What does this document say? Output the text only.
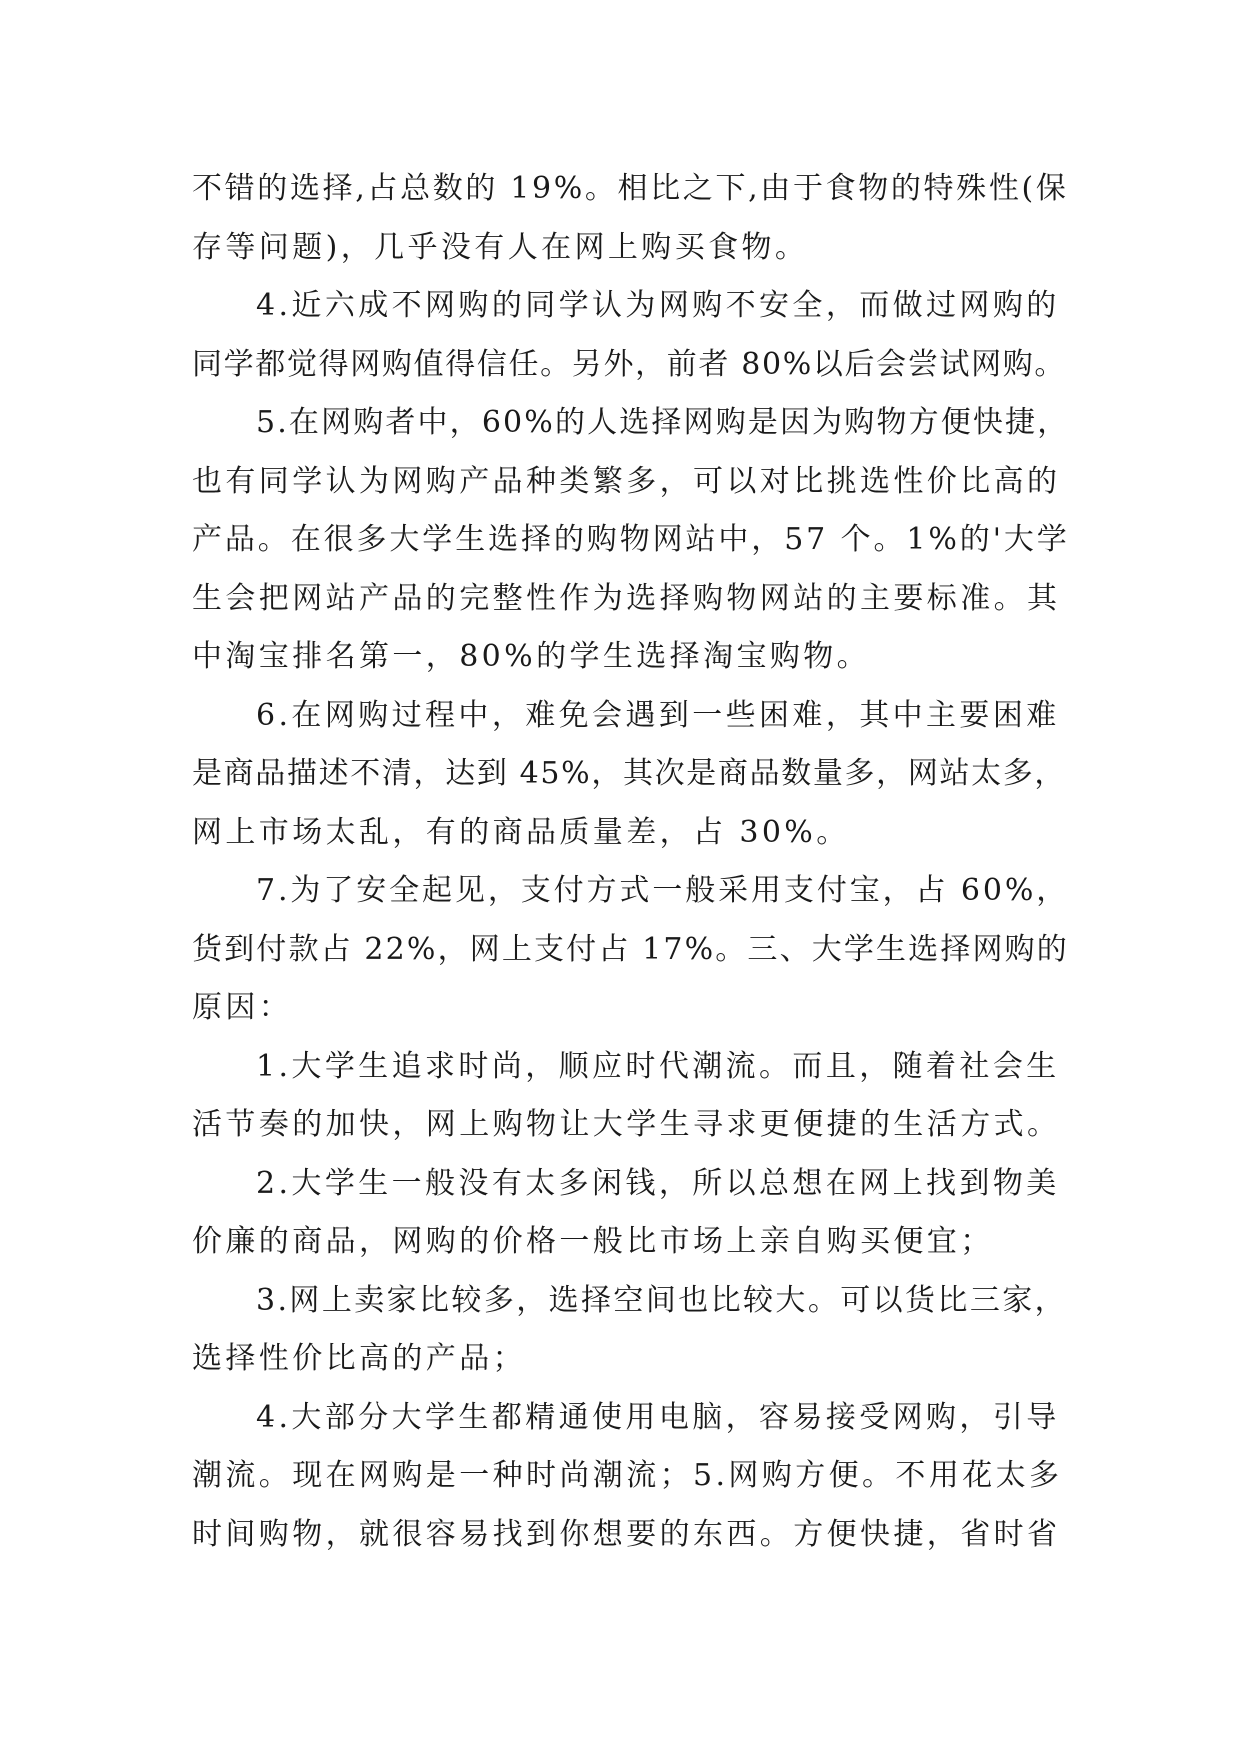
不错的选择,占总数的 19%。相比之下,由于食物的特殊性(保
存等问题)，几乎没有人在网上购买食物。
4.近六成不网购的同学认为网购不安全，而做过网购的
同学都觉得网购值得信任。另外，前者 80%以后会尝试网购。
5.在网购者中，60%的人选择网购是因为购物方便快捷，
也有同学认为网购产品种类繁多，可以对比挑选性价比高的
产品。在很多大学生选择的购物网站中，57 个。1%的'大学
生会把网站产品的完整性作为选择购物网站的主要标准。其
中淘宝排名第一，80%的学生选择淘宝购物。
6.在网购过程中，难免会遇到一些困难，其中主要困难
是商品描述不清，达到 45%，其次是商品数量多，网站太多，
网上市场太乱，有的商品质量差，占 30%。
7.为了安全起见，支付方式一般采用支付宝，占 60%，
货到付款占 22%，网上支付占 17%。三、大学生选择网购的
原因：
1.大学生追求时尚，顺应时代潮流。而且，随着社会生
活节奏的加快，网上购物让大学生寻求更便捷的生活方式。
2.大学生一般没有太多闲钱，所以总想在网上找到物美
价廉的商品，网购的价格一般比市场上亲自购买便宜；
3.网上卖家比较多，选择空间也比较大。可以货比三家，
选择性价比高的产品；
4.大部分大学生都精通使用电脑，容易接受网购，引导
潮流。现在网购是一种时尚潮流；5.网购方便。不用花太多
时间购物，就很容易找到你想要的东西。方便快捷，省时省
